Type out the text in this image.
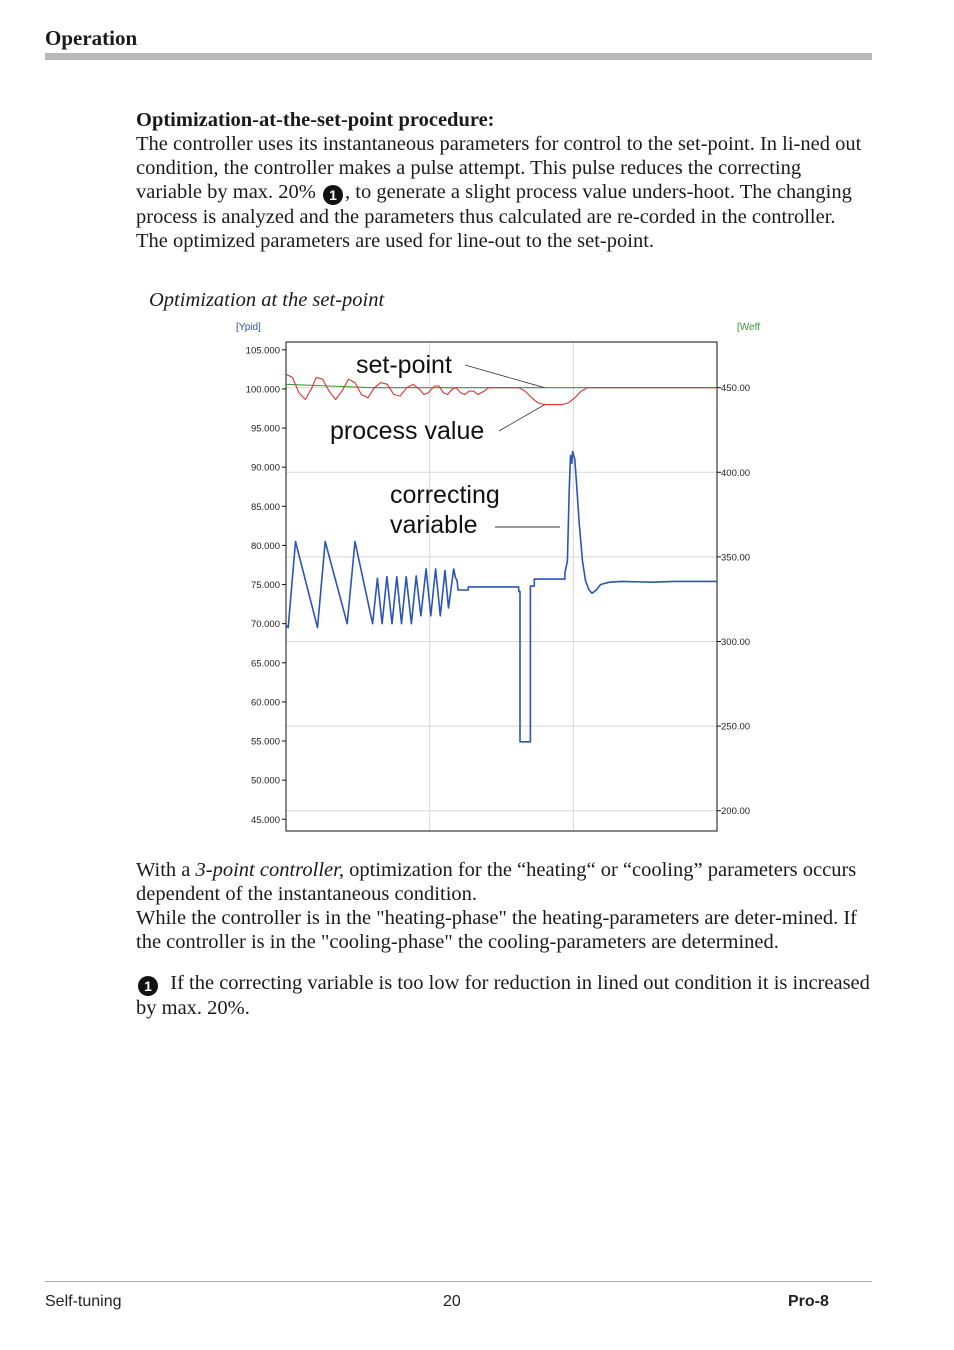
Operation
Optimization-at-the-set-point procedure:
The controller uses its instantaneous parameters for control to the set-point. In li-ned out condition, the controller makes a pulse attempt. This pulse reduces the correcting variable by max. 20% 1 , to generate a slight process value unders-hoot. The changing process is analyzed and the parameters thus calculated are re-corded in the controller. The optimized parameters are used for line-out to the set-point.
Optimization at the set-point
105.000
100.000
95.000
90.000
85.000
80.000
75.000
70.000
65.000
60.000
55.000
50.000
45.000
450.00
400.00
350.00
300.00
250.00
200.00
[Ypid]	[Weff
set-point
process value
correcting
variable

With a 3-point controller, optimization for the “heating“ or “cooling” parameters occurs dependent of the instantaneous condition.

While the controller is in the "heating-phase" the heating-parameters are deter-mined. If the controller is in the "cooling-phase" the cooling-parameters are determined.

1 If the correcting variable is too low for reduction in lined out condition it is increased by max. 20%.

Self-tuning	20	Pro-8
